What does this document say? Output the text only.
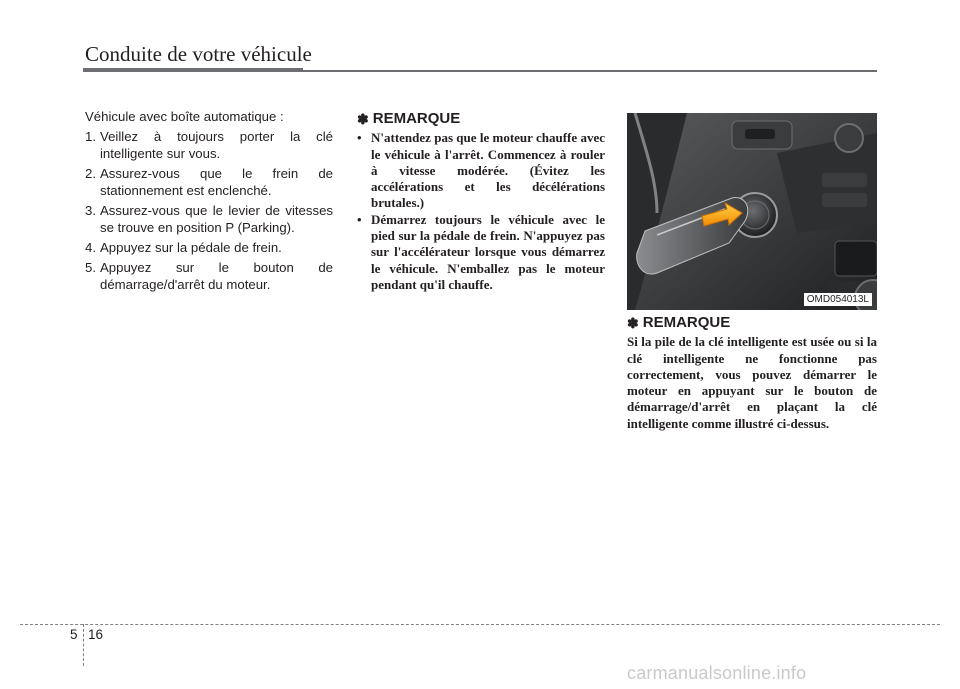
Conduite de votre véhicule
Véhicule avec boîte automatique :
1. Veillez à toujours porter la clé intelligente sur vous.
2. Assurez-vous que le frein de stationnement est enclenché.
3. Assurez-vous que le levier de vitesses se trouve en position P (Parking).
4. Appuyez sur la pédale de frein.
5. Appuyez sur le bouton de démarrage/d'arrêt du moteur.
✽ REMARQUE
• N'attendez pas que le moteur chauffe avec le véhicule à l'arrêt. Commencez à rouler à vitesse modérée. (Évitez les accélérations et les décélérations brutales.)
• Démarrez toujours le véhicule avec le pied sur la pédale de frein. N'appuyez pas sur l'accélérateur lorsque vous démarrez le véhicule. N'emballez pas le moteur pendant qu'il chauffe.
OMD054013L
✽ REMARQUE

Si la pile de la clé intelligente est usée ou si la clé intelligente ne fonctionne pas correctement, vous pouvez démarrer le moteur en appuyant sur le bouton de démarrage/d'arrêt en plaçant la clé intelligente comme illustré ci-dessus.

5 16
carmanualsonline.info
